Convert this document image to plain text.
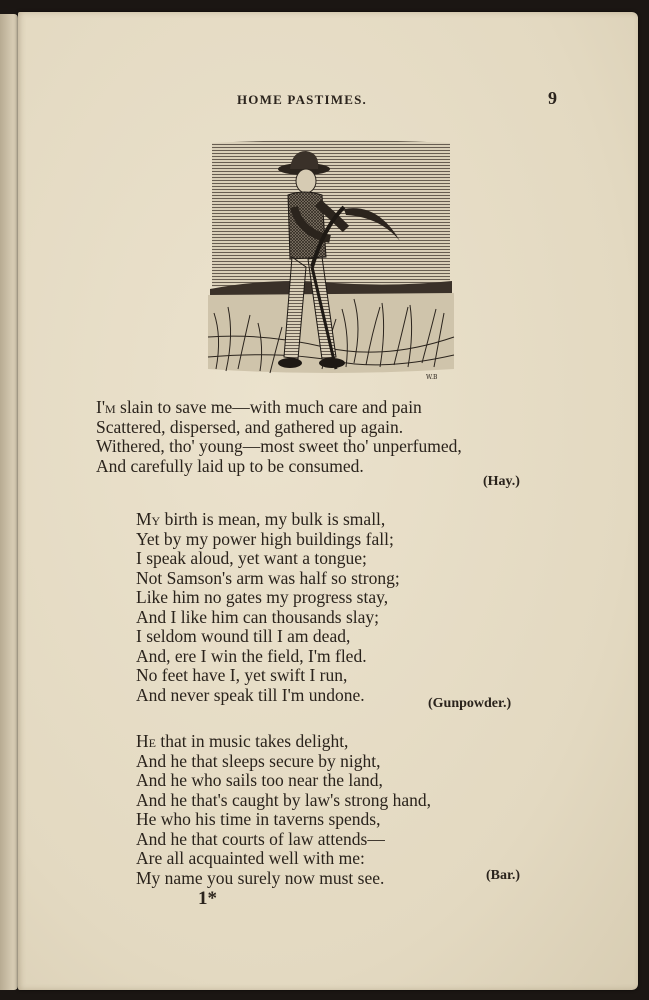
HOME PASTIMES.	9
W.B
I'm slain to save me—with much care and pain
Scattered, dispersed, and gathered up again.
Withered, tho' young—most sweet tho' unperfumed,
And carefully laid up to be consumed.
(Hay.)
My birth is mean, my bulk is small,
Yet by my power high buildings fall;
I speak aloud, yet want a tongue;
Not Samson's arm was half so strong;
Like him no gates my progress stay,
And I like him can thousands slay;
I seldom wound till I am dead,
And, ere I win the field, I'm fled.
No feet have I, yet swift I run,
And never speak till I'm undone.	(Gunpowder.)
He that in music takes delight,
And he that sleeps secure by night,
And he who sails too near the land,
And he that's caught by law's strong hand,
He who his time in taverns spends,
And he that courts of law attends—
Are all acquainted well with me:
My name you surely now must see.	(Bar.)
1*
